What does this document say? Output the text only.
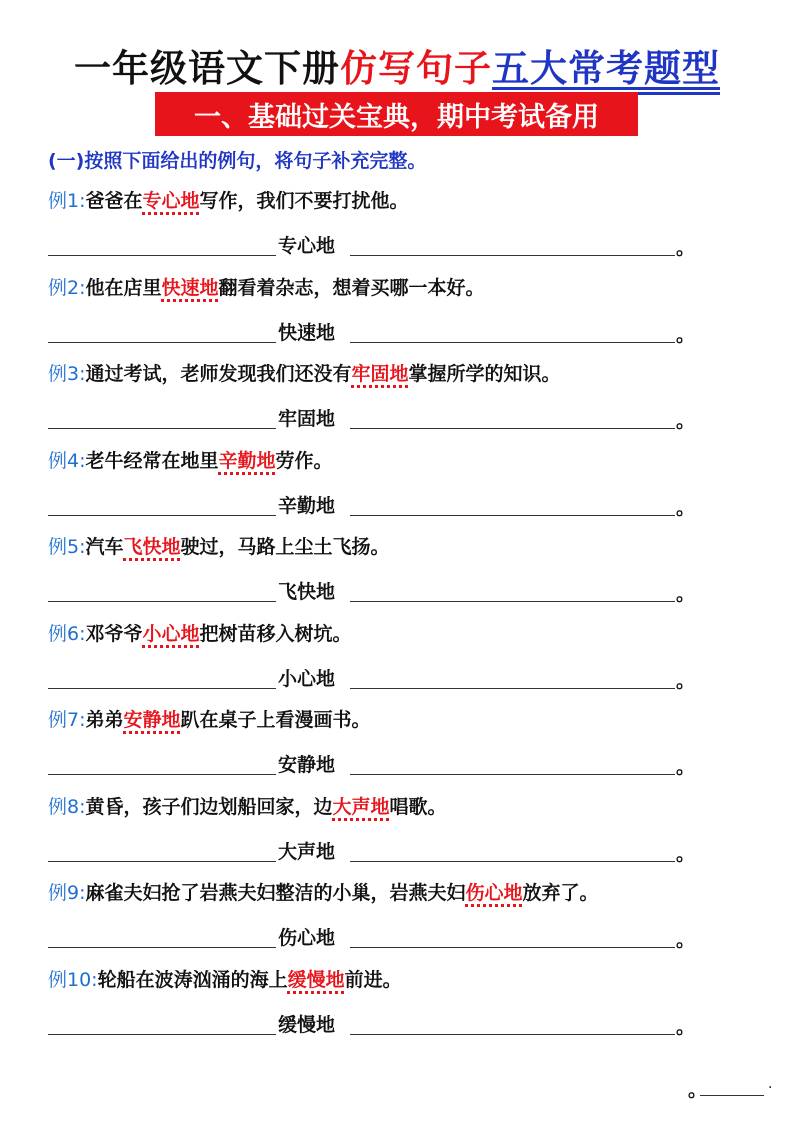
一年级语文下册仿写句子五大常考题型
一、基础过关宝典，期中考试备用
(一)按照下面给出的例句，将句子补充完整。
例1:爸爸在专心地写作，我们不要打扰他。
专心地	。
例2:他在店里快速地翻看着杂志，想着买哪一本好。
快速地	。
例3:通过考试，老师发现我们还没有牢固地掌握所学的知识。
牢固地	。
例4:老牛经常在地里辛勤地劳作。
辛勤地	。
例5:汽车飞快地驶过，马路上尘土飞扬。
飞快地	。
例6:邓爷爷小心地把树苗移入树坑。
小心地	。
例7:弟弟安静地趴在桌子上看漫画书。
安静地	。
例8:黄昏，孩子们边划船回家，边大声地唱歌。
大声地	。
例9:麻雀夫妇抢了岩燕夫妇整洁的小巢，岩燕夫妇伤心地放弃了。
伤心地	。
例10:轮船在波涛汹涌的海上缓慢地前进。
缓慢地	。
。	·
